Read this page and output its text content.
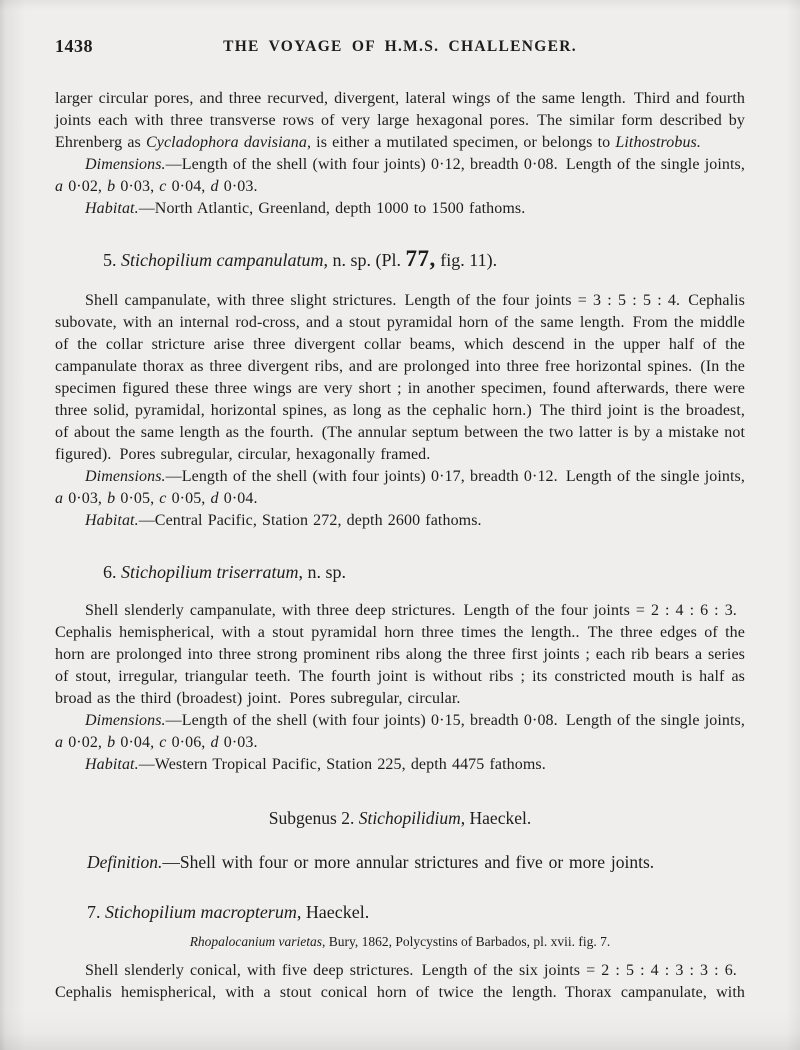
1438	THE VOYAGE OF H.M.S. CHALLENGER.

larger circular pores, and three recurved, divergent, lateral wings of the same length. Third and fourth joints each with three transverse rows of very large hexagonal pores. The similar form described by Ehrenberg as Cycladophora davisiana, is either a mutilated specimen, or belongs to Lithostrobus.

Dimensions.—Length of the shell (with four joints) 0·12, breadth 0·08. Length of the single joints, a 0·02, b 0·03, c 0·04, d 0·03.

Habitat.—North Atlantic, Greenland, depth 1000 to 1500 fathoms.

5. Stichopilium campanulatum, n. sp. (Pl. 77, fig. 11).

Shell campanulate, with three slight strictures. Length of the four joints = 3 : 5 : 5 : 4. Cephalis subovate, with an internal rod-cross, and a stout pyramidal horn of the same length. From the middle of the collar stricture arise three divergent collar beams, which descend in the upper half of the campanulate thorax as three divergent ribs, and are prolonged into three free horizontal spines. (In the specimen figured these three wings are very short ; in another specimen, found afterwards, there were three solid, pyramidal, horizontal spines, as long as the cephalic horn.) The third joint is the broadest, of about the same length as the fourth. (The annular septum between the two latter is by a mistake not figured). Pores subregular, circular, hexagonally framed.

Dimensions.—Length of the shell (with four joints) 0·17, breadth 0·12. Length of the single joints, a 0·03, b 0·05, c 0·05, d 0·04.

Habitat.—Central Pacific, Station 272, depth 2600 fathoms.

6. Stichopilium triserratum, n. sp.

Shell slenderly campanulate, with three deep strictures. Length of the four joints = 2 : 4 : 6 : 3. Cephalis hemispherical, with a stout pyramidal horn three times the length.. The three edges of the horn are prolonged into three strong prominent ribs along the three first joints ; each rib bears a series of stout, irregular, triangular teeth. The fourth joint is without ribs ; its constricted mouth is half as broad as the third (broadest) joint. Pores subregular, circular.

Dimensions.—Length of the shell (with four joints) 0·15, breadth 0·08. Length of the single joints, a 0·02, b 0·04, c 0·06, d 0·03.

Habitat.—Western Tropical Pacific, Station 225, depth 4475 fathoms.

Subgenus 2. Stichopilidium, Haeckel.

Definition.—Shell with four or more annular strictures and five or more joints.

7. Stichopilium macropterum, Haeckel.

Rhopalocanium varietas, Bury, 1862, Polycystins of Barbados, pl. xvii. fig. 7.

Shell slenderly conical, with five deep strictures. Length of the six joints = 2 : 5 : 4 : 3 : 3 : 6. Cephalis hemispherical, with a stout conical horn of twice the length. Thorax campanulate, with
